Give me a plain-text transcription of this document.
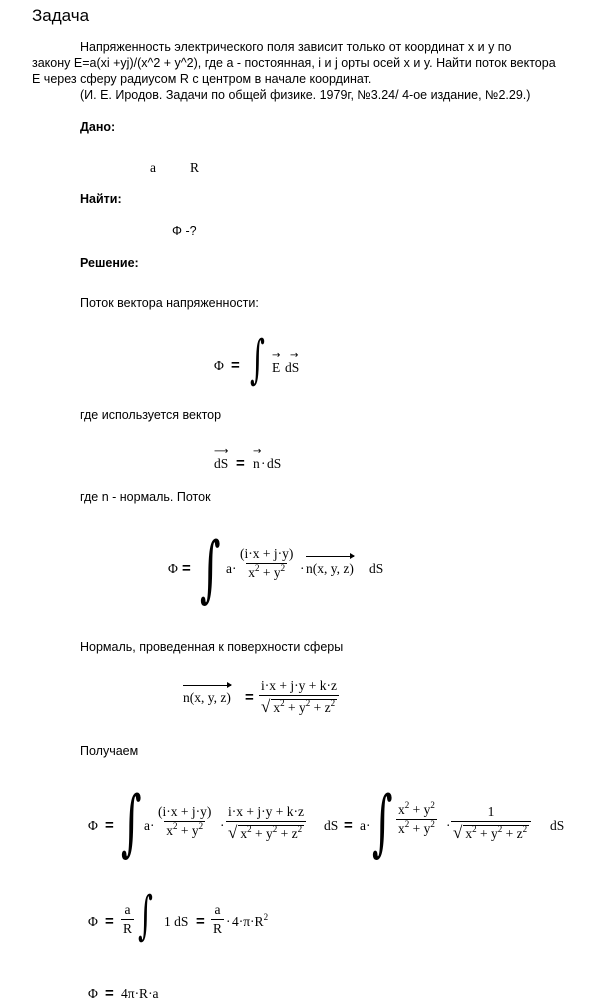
Задача
Напряженность электрического поля зависит только от координат x и y по
закону E=a(xi +yj)/(x^2 + y^2), где a - постоянная, i и j орты осей x и y. Найти поток вектора
E через сферу радиусом R с центром в начале координат.
(И. Е. Иродов. Задачи по общей физике. 1979г, №3.24/ 4-ое издание, №2.29.)
Дано:
a	R
Найти:
Φ -?
Решение:
Поток вектора напряженности:
Φ = ∫ →
E
→
dS
где используется вектор
⟶
dS =
→
n · dS
где n - нормаль. Поток
Φ = ∫ $a\cdot \frac{(i\cdot x + j\cdot y)}{x^2 + y^2} \cdot n(x$, y, z) dS
Нормаль, проведенная к поверхности сферы
n(x, y, $z) = \frac{i\cdot x + j\cdot y + k\cdot z}{√ x^2 + y^2 + z^2}$
Получаем
Φ = ∫ $a\cdot \frac{(i\cdot x + j\cdot y)}{x^2 + y^2} \cdot \frac{i\cdot x + j\cdot y + k\cdot z}{√ x^2 + y^2 + z^2}$ dS = a· ∫ $\frac{x^2 + y^2}{x^2 + y^2} \cdot \frac{1}{√ x^2 + y^2 + z^2}$ dS
$\Phi = \frac{a}{R}$ ∫ 1 dS = $\frac{a}{R} \cdot 4\cdot\pi\cdot R^2$
Φ = 4π·R·a
